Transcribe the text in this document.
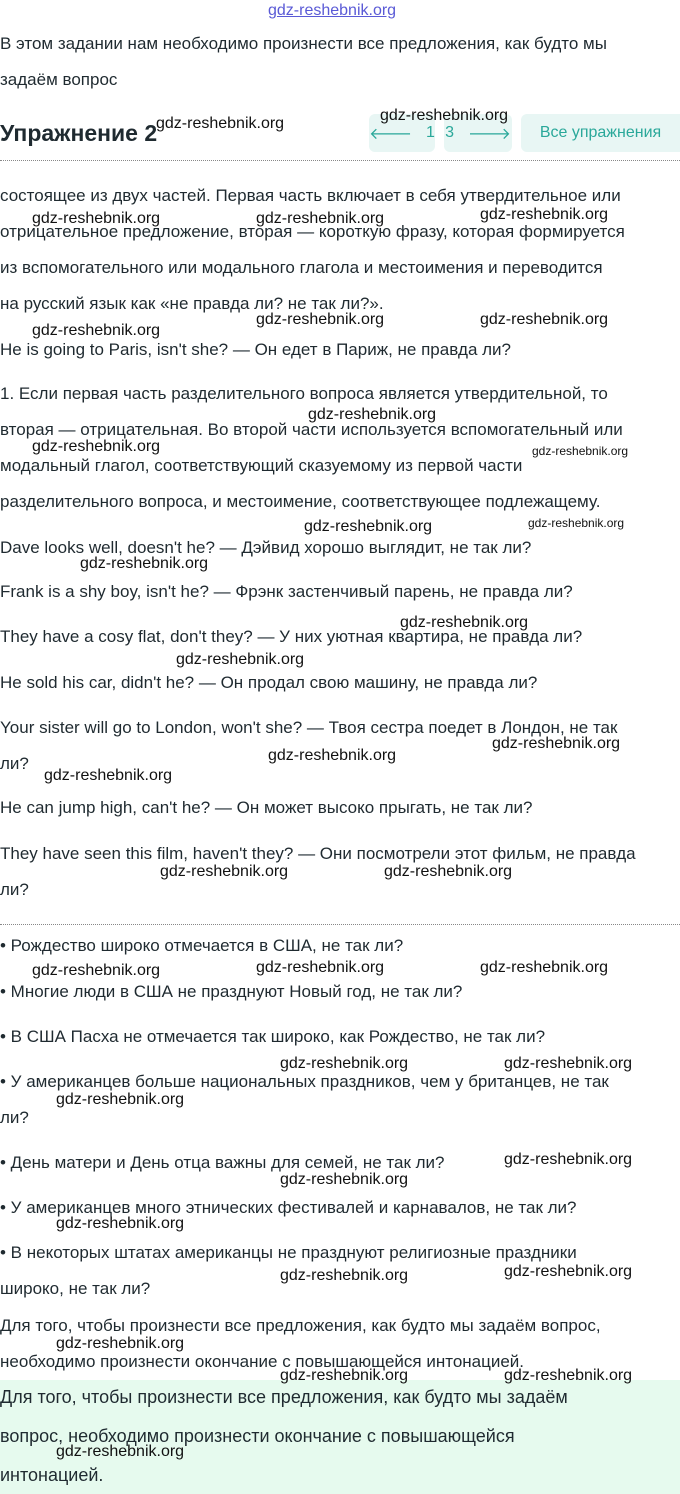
gdz-reshebnik.org
В этом задании нам необходимо произнести все предложения, как будто мы
задаём вопрос
Упражнение 2	🡐 1 3 🡒 Все упражнения
состоящее из двух частей. Первая часть включает в себя утвердительное или
отрицательное предложение, вторая — короткую фразу, которая формируется
из вспомогательного или модального глагола и местоимения и переводится
на русский язык как «не правда ли? не так ли?».
He is going to Paris, isn't she? — Он едет в Париж, не правда ли?
1. Если первая часть разделительного вопроса является утвердительной, то
вторая — отрицательная. Во второй части используется вспомогательный или
модальный глагол, соответствующий сказуемому из первой части
разделительного вопроса, и местоимение, соответствующее подлежащему.
Dave looks well, doesn't he? — Дэйвид хорошо выглядит, не так ли?
Frank is a shy boy, isn't he? — Фрэнк застенчивый парень, не правда ли?
They have a cosy flat, don't they? — У них уютная квартира, не правда ли?
He sold his car, didn't he? — Он продал свою машину, не правда ли?
Your sister will go to London, won't she? — Твоя сестра поедет в Лондон, не так
ли?
He can jump high, can't he? — Он может высоко прыгать, не так ли?
They have seen this film, haven't they? — Они посмотрели этот фильм, не правда
ли?
• Рождество широко отмечается в США, не так ли?
• Многие люди в США не празднуют Новый год, не так ли?
• В США Пасха не отмечается так широко, как Рождество, не так ли?
• У американцев больше национальных праздников, чем у британцев, не так
ли?
• День матери и День отца важны для семей, не так ли?
• У американцев много этнических фестивалей и карнавалов, не так ли?
• В некоторых штатах американцы не празднуют религиозные праздники
широко, не так ли?
Для того, чтобы произнести все предложения, как будто мы задаём вопрос,
необходимо произнести окончание с повышающейся интонацией.
Для того, чтобы произнести все предложения, как будто мы задаём
вопрос, необходимо произнести окончание с повышающейся
интонацией.
gdz-reshebnik.org	gdz-reshebnik.org
gdz-reshebnik.org	gdz-reshebnik.org	gdz-reshebnik.org
gdz-reshebnik.org
gdz-reshebnik.org	gdz-reshebnik.org
gdz-reshebnik.org
gdz-reshebnik.org	gdz-reshebnik.org
gdz-reshebnik.org	gdz-reshebnik.org
gdz-reshebnik.org
gdz-reshebnik.org
gdz-reshebnik.org
gdz-reshebnik.org
gdz-reshebnik.org
gdz-reshebnik.org
gdz-reshebnik.org	gdz-reshebnik.org
gdz-reshebnik.org	gdz-reshebnik.org	gdz-reshebnik.org
gdz-reshebnik.org	gdz-reshebnik.org
gdz-reshebnik.org
gdz-reshebnik.org
gdz-reshebnik.org
gdz-reshebnik.org
gdz-reshebnik.org	gdz-reshebnik.org
gdz-reshebnik.org
gdz-reshebnik.org	gdz-reshebnik.org
gdz-reshebnik.org
